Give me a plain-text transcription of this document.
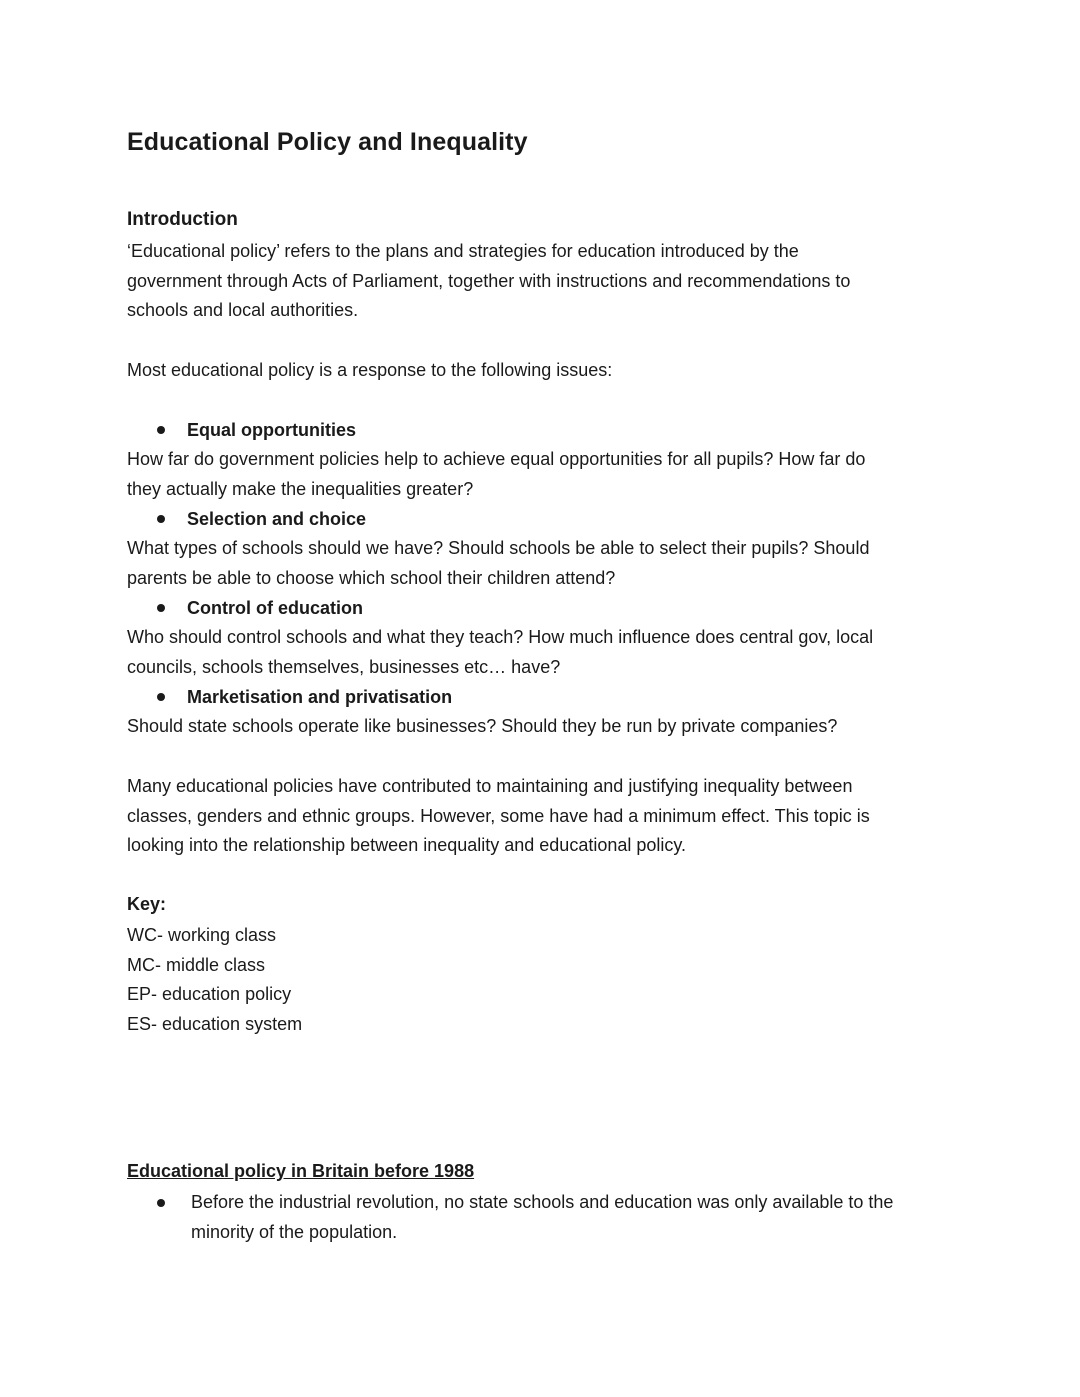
Educational Policy and Inequality
Introduction

‘Educational policy’ refers to the plans and strategies for education introduced by the
government through Acts of Parliament, together with instructions and recommendations to
schools and local authorities.

Most educational policy is a response to the following issues:

Equal opportunities

How far do government policies help to achieve equal opportunities for all pupils? How far do
they actually make the inequalities greater?

Selection and choice

What types of schools should we have? Should schools be able to select their pupils? Should
parents be able to choose which school their children attend?

Control of education

Who should control schools and what they teach? How much influence does central gov, local
councils, schools themselves, businesses etc… have?

Marketisation and privatisation

Should state schools operate like businesses? Should they be run by private companies?

Many educational policies have contributed to maintaining and justifying inequality between
classes, genders and ethnic groups. However, some have had a minimum effect. This topic is
looking into the relationship between inequality and educational policy.

Key:

WC- working class
MC- middle class
EP- education policy
ES- education system

Educational policy in Britain before 1988
Before the industrial revolution, no state schools and education was only available to the
minority of the population.
